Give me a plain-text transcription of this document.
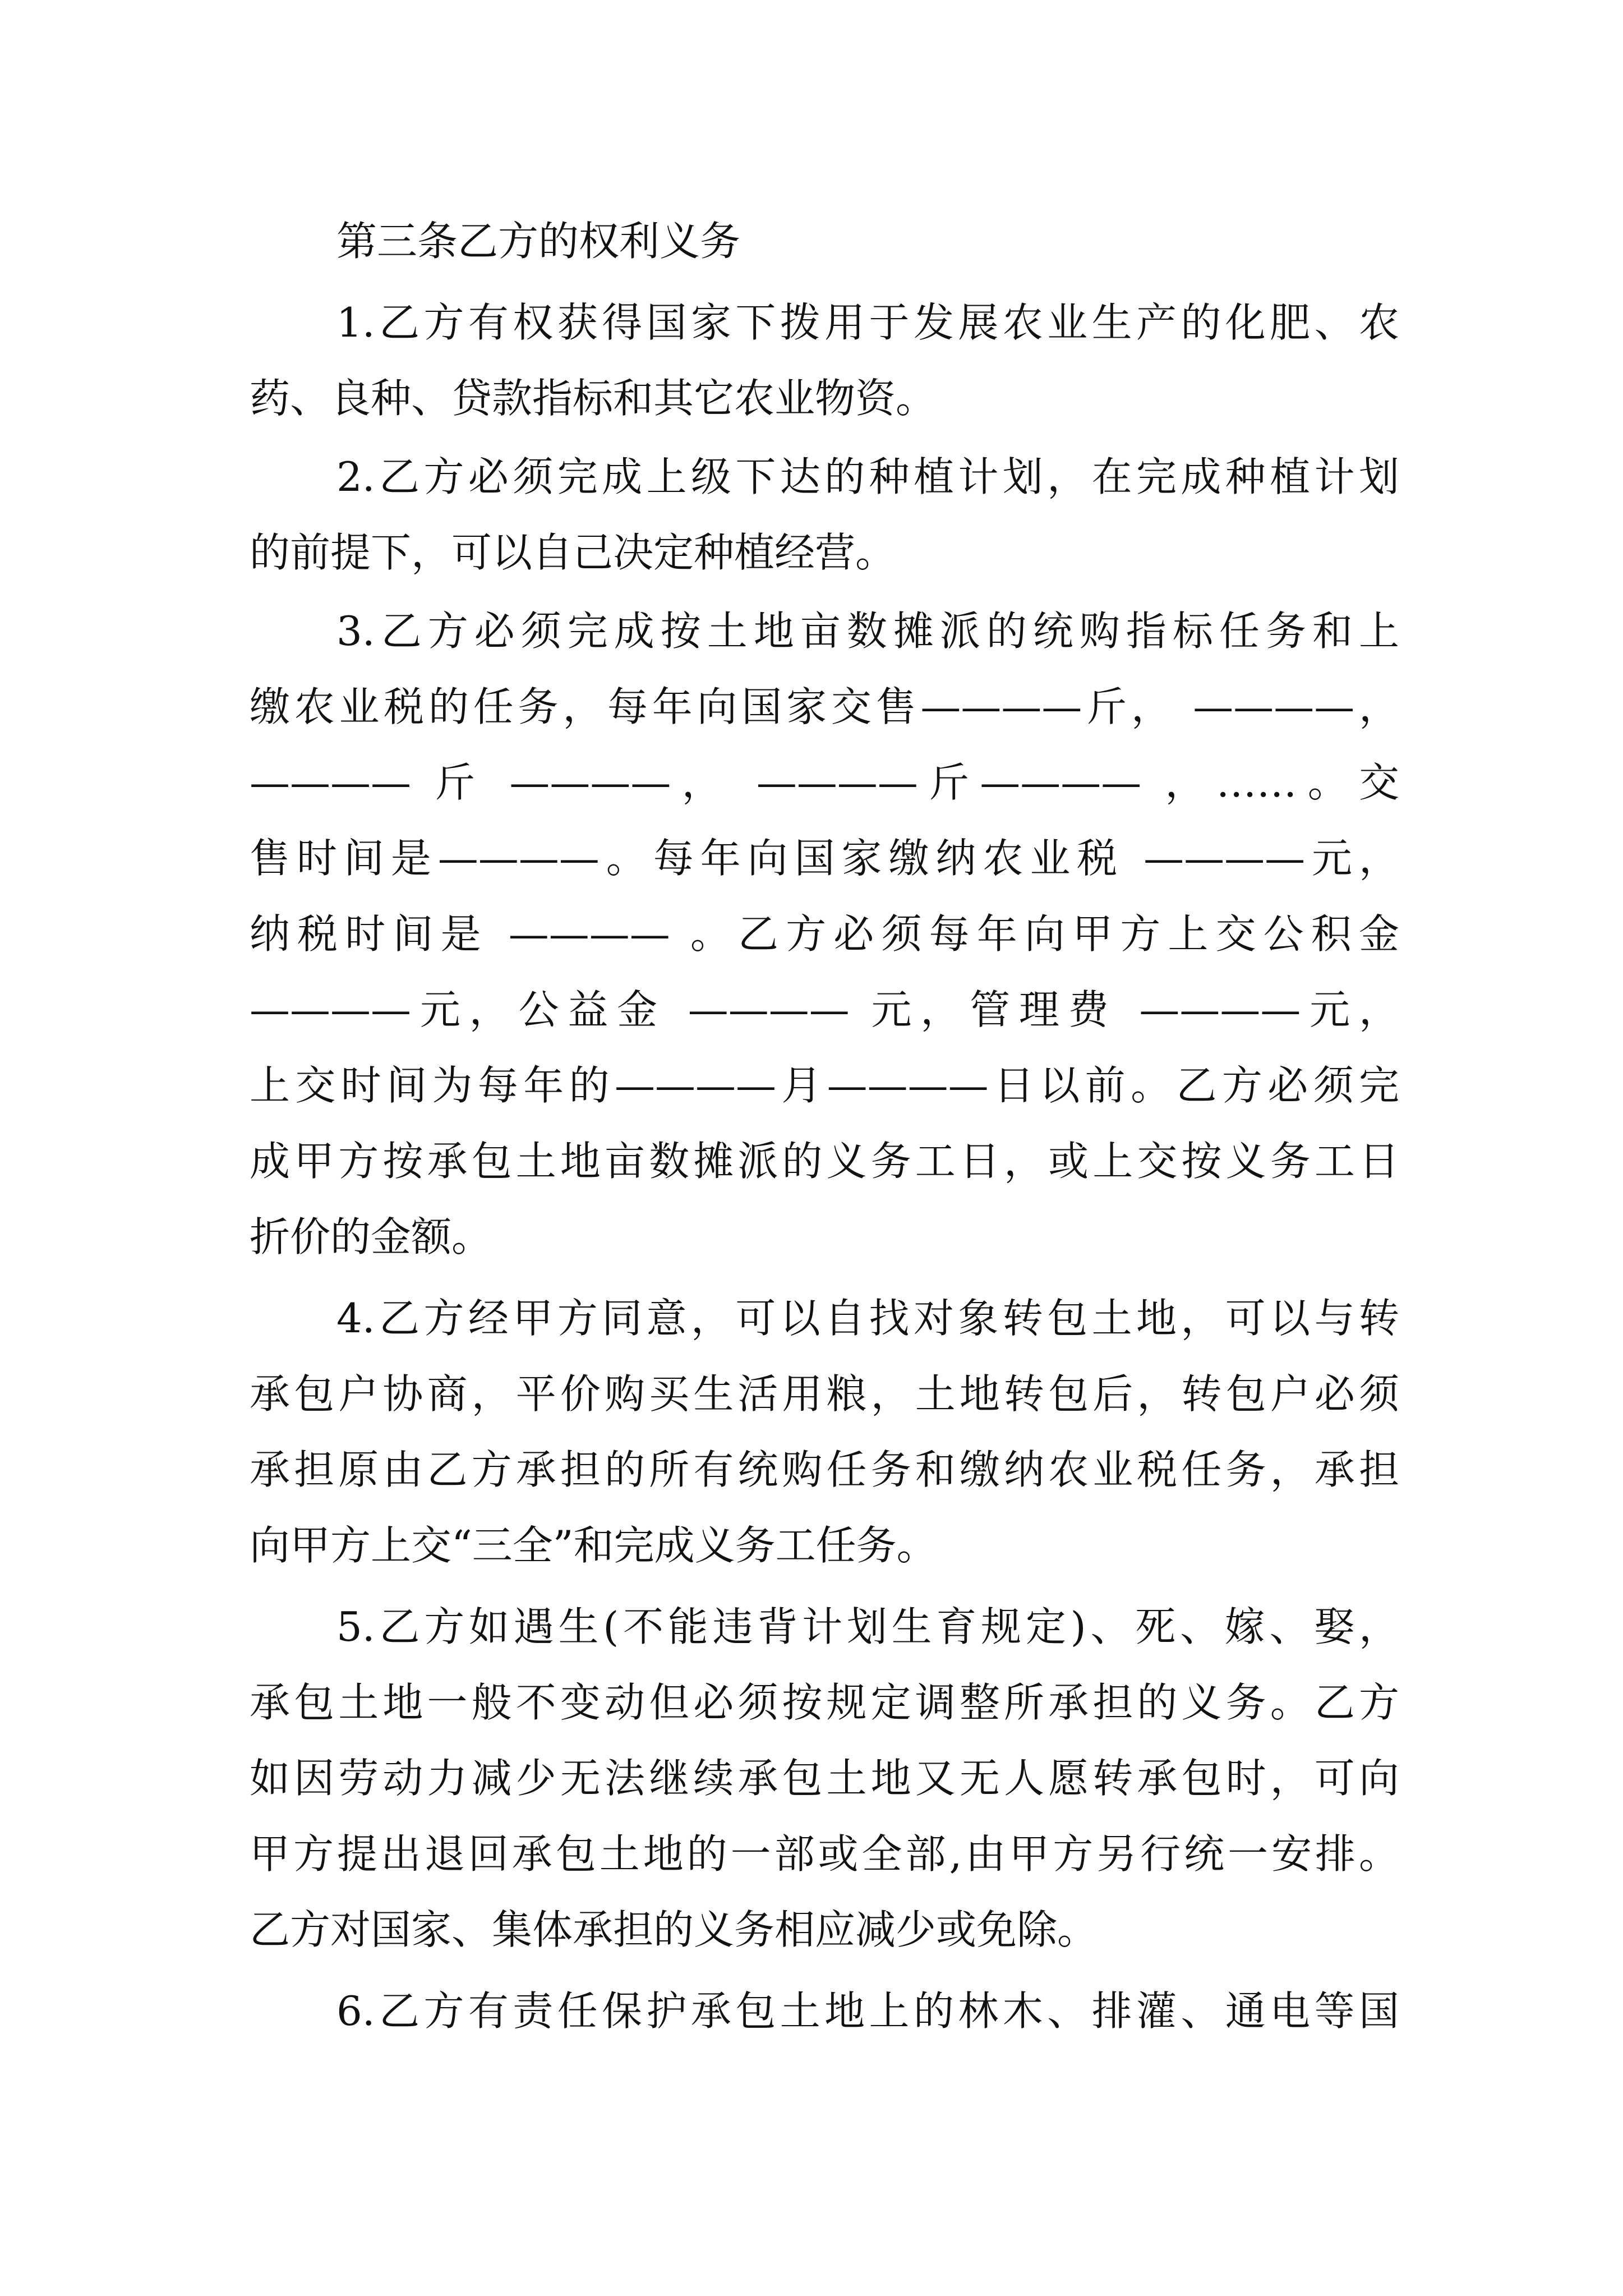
第三条乙方的权利义务
1.乙方有权获得国家下拨用于发展农业生产的化肥、农
药、良种、贷款指标和其它农业物资。
2.乙方必须完成上级下达的种植计划，在完成种植计划
的前提下，可以自己决定种植经营。
3.乙方必须完成按土地亩数摊派的统购指标任务和上
缴农业税的任务，每年向国家交售————斤， ————，
———— 斤 ————， ————斤———— ，……。交
售时间是————。每年向国家缴纳农业税 ————元，
纳税时间是 ———— 。乙方必须每年向甲方上交公积金
————元，公益金 ———— 元，管理费 ————元，
上交时间为每年的————月————日以前。乙方必须完
成甲方按承包土地亩数摊派的义务工日，或上交按义务工日
折价的金额。
4.乙方经甲方同意，可以自找对象转包土地，可以与转
承包户协商，平价购买生活用粮，土地转包后，转包户必须
承担原由乙方承担的所有统购任务和缴纳农业税任务，承担
向甲方上交“三全”和完成义务工任务。
5.乙方如遇生(不能违背计划生育规定)、死、嫁、娶，
承包土地一般不变动但必须按规定调整所承担的义务。乙方
如因劳动力减少无法继续承包土地又无人愿转承包时，可向
甲方提出退回承包土地的一部或全部,由甲方另行统一安排。
乙方对国家、集体承担的义务相应减少或免除。
6.乙方有责任保护承包土地上的林木、排灌、通电等国
